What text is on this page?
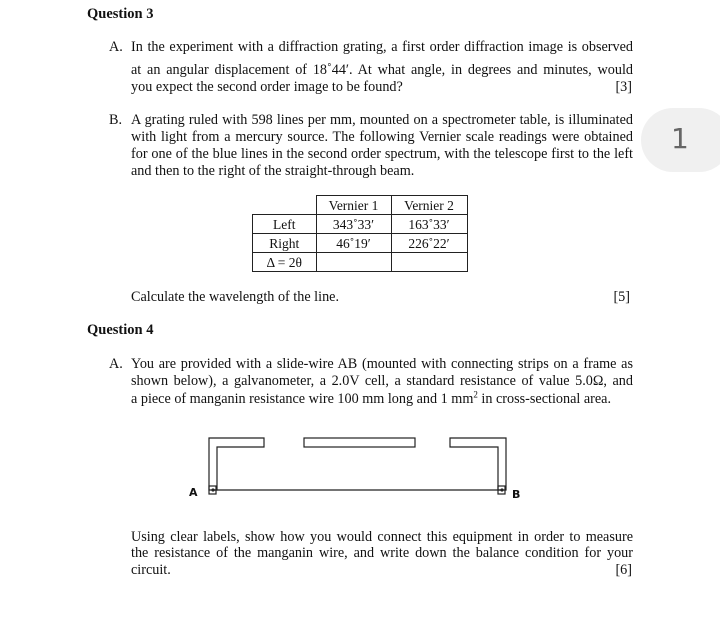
Question 3
A. In the experiment with a diffraction grating, a first order diffraction image is observed
at an angular displacement of 18˚44′. At what angle, in degrees and minutes, would
you expect the second order image to be found?	[3]
B. A grating ruled with 598 lines per mm, mounted on a spectrometer table, is illuminated
with light from a mercury source. The following Vernier scale readings were obtained
for one of the blue lines in the second order spectrum, with the telescope first to the left
and then to the right of the straight-through beam.
	Vernier 1	Vernier 2
Left	343˚33′	163˚33′
Right	46˚19′	226˚22′
Δ = 2θ		
Calculate the wavelength of the line.	[5]
Question 4
A. You are provided with a slide-wire AB (mounted with connecting strips on a frame as
shown below), a galvanometer, a 2.0V cell, a standard resistance of value 5.0Ω, and
a piece of manganin resistance wire 100 mm long and 1 $mm^2$ in cross-sectional area.
A	B
Using clear labels, show how you would connect this equipment in order to measure
the resistance of the manganin wire, and write down the balance condition for your
circuit.	[6]
1
